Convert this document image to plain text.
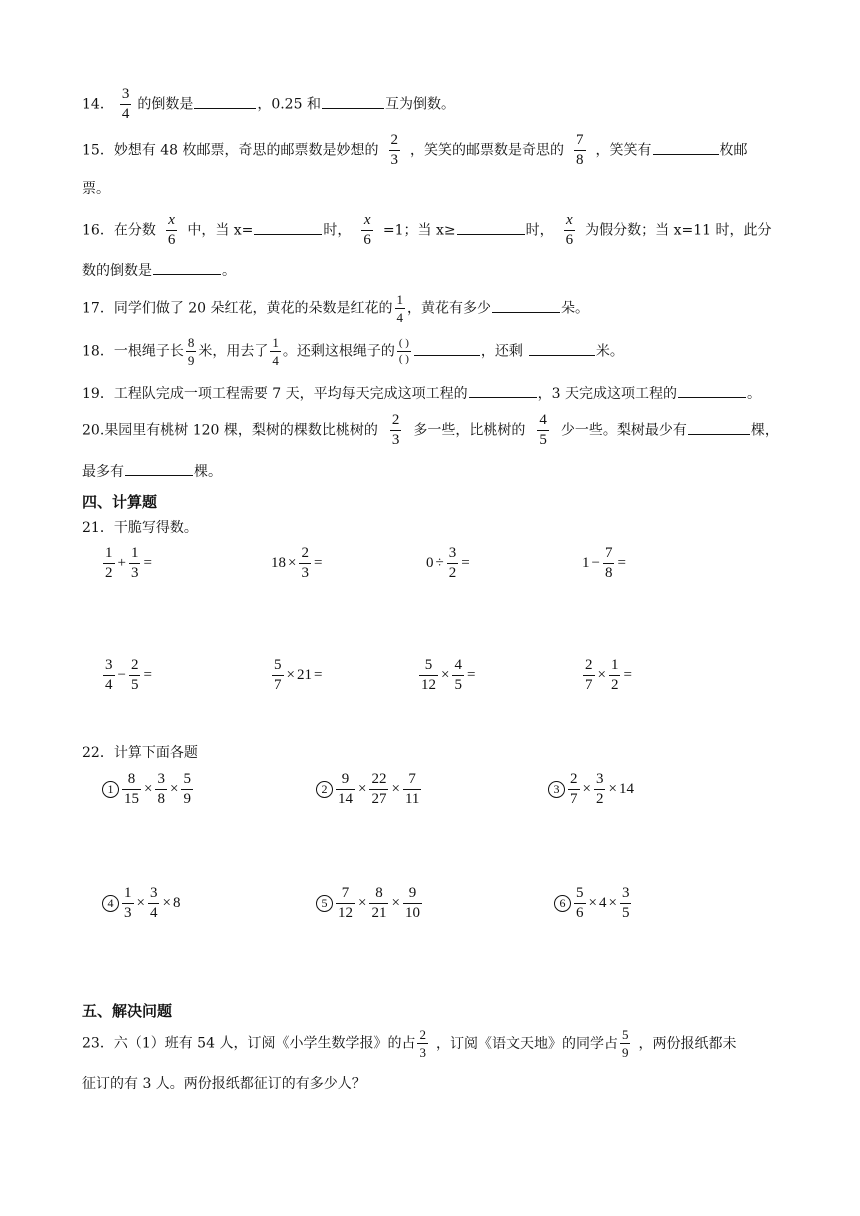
14． $\frac{3}{4}$ 的倒数是	，0.25 和	互为倒数。
15．妙想有 48 枚邮票，奇思的邮票数是妙想的 $\frac{2}{3}$ ，笑笑的邮票数是奇思的 $\frac{7}{8}$ ，笑笑有	枚邮
票。
16．在分数 $\frac{x}{6}$ 中，当 x=	时， $\frac{x}{6} =1$；当 x≥	时， $\frac{x}{6}$ 为假分数；当 x=11 时，此分
数的倒数是	。
17．同学们做了 20 朵红花，黄花的朵数是红花的 $\frac{1}{4}$ ，黄花有多少	朵。
18．一根绳子长 $\frac{8}{9}$ 米，用去了 $\frac{1}{4}$ 。还剩这根绳子的 $\frac{( )}{( )}$	，还剩	米。
19．工程队完成一项工程需要 7 天，平均每天完成这项工程的	，3 天完成这项工程的	。
20.果园里有桃树 120 棵，梨树的棵数比桃树的 $\frac{2}{3}$ 多一些，比桃树的 $\frac{4}{5}$ 少一些。梨树最少有	棵，
最多有	棵。
四、计算题
21．干脆写得数。
$\frac{1}{2} + \frac{1}{3}$ =	$18 \times \frac{2}{3}$ =	$0 \div \frac{3}{2}$ =	$1 - \frac{7}{8}$ =
$\frac{3}{4} - \frac{2}{5}$ =	$\frac{5}{7} \times 21$ =	$\frac{5}{12} \times \frac{4}{5}$ =	$\frac{2}{7} \times \frac{1}{2}$ =
22．计算下面各题
$1 \frac{8}{15} \times \frac{3}{8} \times \frac{5}{9}$	$2 \frac{9}{14} \times \frac{22}{27} \times \frac{7}{11}$	$3 \frac{2}{7} \times \frac{3}{2} \times 14$
$4 \frac{1}{3} \times \frac{3}{4} \times 8$	$5 \frac{7}{12} \times \frac{8}{21} \times \frac{9}{10}$	$6 \frac{5}{6} \times 4 \times \frac{3}{5}$
五、解决问题
23．六（1）班有 54 人，订阅《小学生数学报》的占 $\frac{2}{3}$ ，订阅《语文天地》的同学占 $\frac{5}{9}$ ，两份报纸都未
征订的有 3 人。两份报纸都征订的有多少人？
